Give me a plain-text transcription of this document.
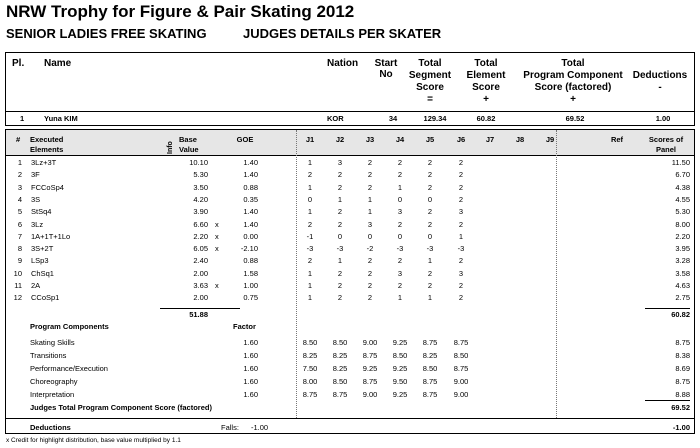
NRW Trophy for Figure & Pair Skating 2012
SENIOR LADIES FREE SKATING	JUDGES DETAILS PER SKATER
Pl. Name	Nation Start
No
Total
Segment
Score
=
Total
Element
Score
+
Total
Program Component
Score (factored)
+
Deductions
-
1	Yuna KIM	KOR	34	129.34	60.82	69.52	1.00
# Executed
Elements	Info
Base
Value
GOE	J1	J2	J3	J4	J5	J6	J7	J8	J9	Ref	Scores of
Panel
1 3Lz+3T	10.10	1.40	1	3	2	2	2	2	11.50
2 3F	5.30	1.40	2	2	2	2	2	2	6.70
3 FCCoSp4	3.50	0.88	1	2	2	1	2	2	4.38
4 3S	4.20	0.35	0	1	1	0	0	2	4.55
5 StSq4	3.90	1.40	1	2	1	3	2	3	5.30
6 3Lz	6.60 x	1.40	2	2	3	2	2	2	8.00
7 1A+1T+1Lo	2.20 x	0.00	-1	0	0	0	0	1	2.20
8 3S+2T	6.05 x	-2.10	-3	-3	-2	-3	-3	-3	3.95
9 LSp3	2.40	0.88	2	1	2	2	1	2	3.28
10 ChSq1	2.00	1.58	1	2	2	3	2	3	3.58
11 2A	3.63 x	1.00	1	2	2	2	2	2	4.63
12 CCoSp1	2.00	0.75	1	2	2	1	1	2	2.75
51.88	60.82
Program Components	Factor
Skating Skills	1.60	8.50 8.50 9.00 9.25 8.75 8.75	8.75
Transitions	1.60	8.25 8.25 8.75 8.50 8.25 8.50	8.38
Performance/Execution	1.60	7.50 8.25 9.25 9.25 8.50 8.75	8.69
Choreography	1.60	8.00 8.50 8.75 9.50 8.75 9.00	8.75
Interpretation	1.60	8.75 8.75 9.00 9.25 8.75 9.00	8.88
Judges Total Program Component Score (factored)	69.52
Deductions	Falls: -1.00	-1.00
x Credit for highlight distribution, base value multiplied by 1.1
